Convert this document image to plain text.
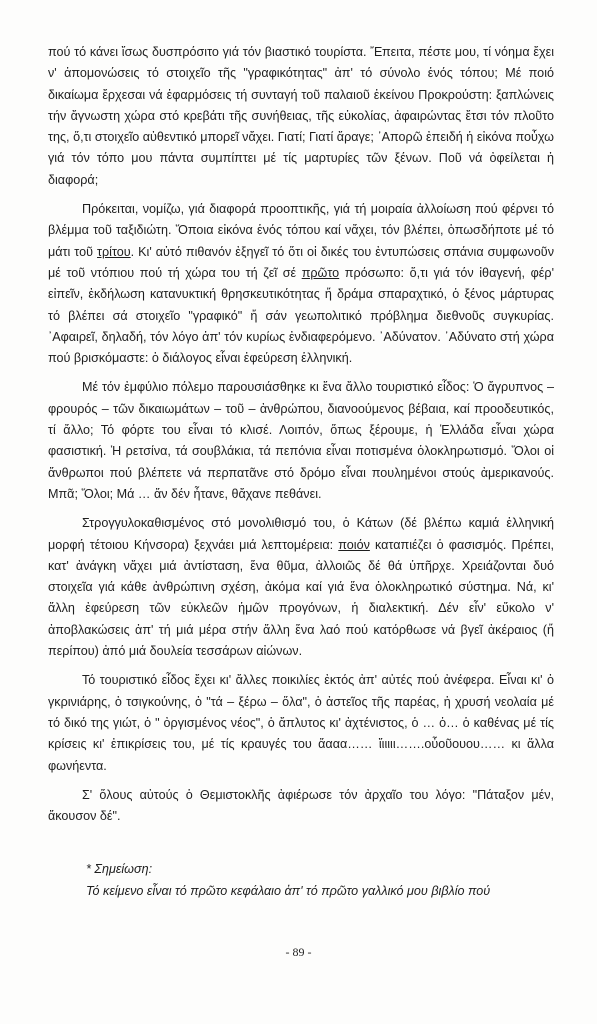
πού τό κάνει ἴσως δυσπρόσιτο γιά τόν βιαστικό τουρίστα. Ἔπειτα, πέστε μου, τί νόημα ἔχει ν' ἀπομονώσεις τό στοιχεῖο τῆς "γραφικότητας" ἀπ' τό σύνολο ἑνός τόπου; Μέ ποιό δικαίωμα ἔρχεσαι νά ἐφαρμόσεις τή συνταγή τοῦ παλαιοῦ ἐκείνου Προκρούστη: ξαπλώνεις τήν ἄγνωστη χώρα στό κρεβάτι τῆς συνήθειας, τῆς εὐκολίας, ἀφαιρώντας ἔτσι τόν πλοῦτο της, ὅ,τι στοιχεῖο αὐθεντικό μπορεῖ νἄχει. Γιατί; Γιατί ἄραγε; ᾽Απορῶ ἐπειδή ἡ εἰκόνα ποὖχω γιά τόν τόπο μου πάντα συμπίπτει μέ τίς μαρτυρίες τῶν ξένων. Ποῦ νά ὀφείλεται ἡ διαφορά;

Πρόκειται, νομίζω, γιά διαφορά προοπτικῆς, γιά τή μοιραία ἀλλοίωση πού φέρνει τό βλέμμα τοῦ ταξιδιώτη. Ὅποια εἰκόνα ἑνός τόπου καί νἄχει, τόν βλέπει, ὁπωσδήποτε μέ τό μάτι τοῦ τρίτου. Κι' αὐτό πιθανόν ἐξηγεῖ τό ὅτι οἱ δικές του ἐντυπώσεις σπάνια συμφωνοῦν μέ τοῦ ντόπιου πού τή χώρα του τή ζεῖ σέ πρῶτο πρόσωπο: ὅ,τι γιά τόν ἰθαγενή, φέρ' εἰπεῖν, ἐκδήλωση κατανυκτική θρησκευτικότητας ἤ δράμα σπαραχτικό, ὁ ξένος μάρτυρας τό βλέπει σά στοιχεῖο "γραφικό" ἤ σάν γεωπολιτικό πρόβλημα διεθνοῦς συγκυρίας. ᾽Αφαιρεῖ, δηλαδή, τόν λόγο ἀπ' τόν κυρίως ἐνδιαφερόμενο. ᾽Αδύνατον. ᾽Αδύνατο στή χώρα πού βρισκόμαστε: ὁ διάλογος εἶναι ἐφεύρεση ἑλληνική.

Μέ τόν ἐμφύλιο πόλεμο παρουσιάσθηκε κι ἕνα ἄλλο τουριστικό εἶδος: Ὁ ἄγρυπνος – φρουρός – τῶν δικαιωμάτων – τοῦ – ἀνθρώπου, διανοούμενος βέβαια, καί προοδευτικός, τί ἄλλο; Τό φόρτε του εἶναι τό κλισέ. Λοιπόν, ὅπως ξέρουμε, ἡ Ἑλλάδα εἶναι χώρα φασιστική. Ἡ ρετσίνα, τά σουβλάκια, τά πεπόνια εἶναι ποτισμένα ὁλοκληρωτισμό. Ὅλοι οἱ ἄνθρωποι πού βλέπετε νά περπατᾶνε στό δρόμο εἶναι πουλημένοι στούς ἀμερικανούς. Μπᾶ; Ὅλοι; Μά … ἄν δέν ἦτανε, θἄχανε πεθάνει.

Στρογγυλοκαθισμένος στό μονολιθισμό του, ὁ Κάτων (δέ βλέπω καμιά ἑλληνική μορφή τέτοιου Κήνσορα) ξεχνάει μιά λεπτομέρεια: ποιόν καταπιέζει ὁ φασισμός. Πρέπει, κατ' ἀνάγκη νἄχει μιά ἀντίσταση, ἕνα θῦμα, ἀλλοιῶς δέ θά ὑπῆρχε. Χρειάζονται δυό στοιχεῖα γιά κάθε ἀνθρώπινη σχέση, ἀκόμα καί γιά ἕνα ὁλοκληρωτικό σύστημα. Νά, κι' ἄλλη ἐφεύρεση τῶν εὐκλεῶν ἡμῶν προγόνων, ἡ διαλεκτική. Δέν εἶν' εὔκολο ν' ἀποβλακώσεις ἀπ' τή μιά μέρα στήν ἄλλη ἕνα λαό πού κατόρθωσε νά βγεῖ ἀκέραιος (ἤ περίπου) ἀπό μιά δουλεία τεσσάρων αἰώνων.

Τό τουριστικό εἶδος ἔχει κι' ἄλλες ποικιλίες ἐκτός ἀπ' αὐτές πού ἀνέφερα. Εἶναι κι' ὁ γκρινιάρης, ὁ τσιγκούνης, ὁ "τά – ξέρω – ὅλα", ὁ ἀστεῖος τῆς παρέας, ἡ χρυσή νεολαία μέ τό δικό της γιώτ, ὁ " ὀργισμένος νέος", ὁ ἄπλυτος κι' ἀχτένιστος, ὁ … ὁ… ὁ καθένας μέ τίς κρίσεις κι' ἐπικρίσεις του, μέ τίς κραυγές του ἄααα…… ἴιιιιι…….οὖοῦουου…… κι ἄλλα φωνήεντα.

Σ' ὅλους αὐτούς ὁ Θεμιστοκλῆς ἀφιέρωσε τόν ἀρχαῖο του λόγο: "Πάταξον μέν, ἄκουσον δέ".

* Σημείωση:
Τό κείμενο εἶναι τό πρῶτο κεφάλαιο ἀπ' τό πρῶτο γαλλικό μου βιβλίο πού
- 89 -
